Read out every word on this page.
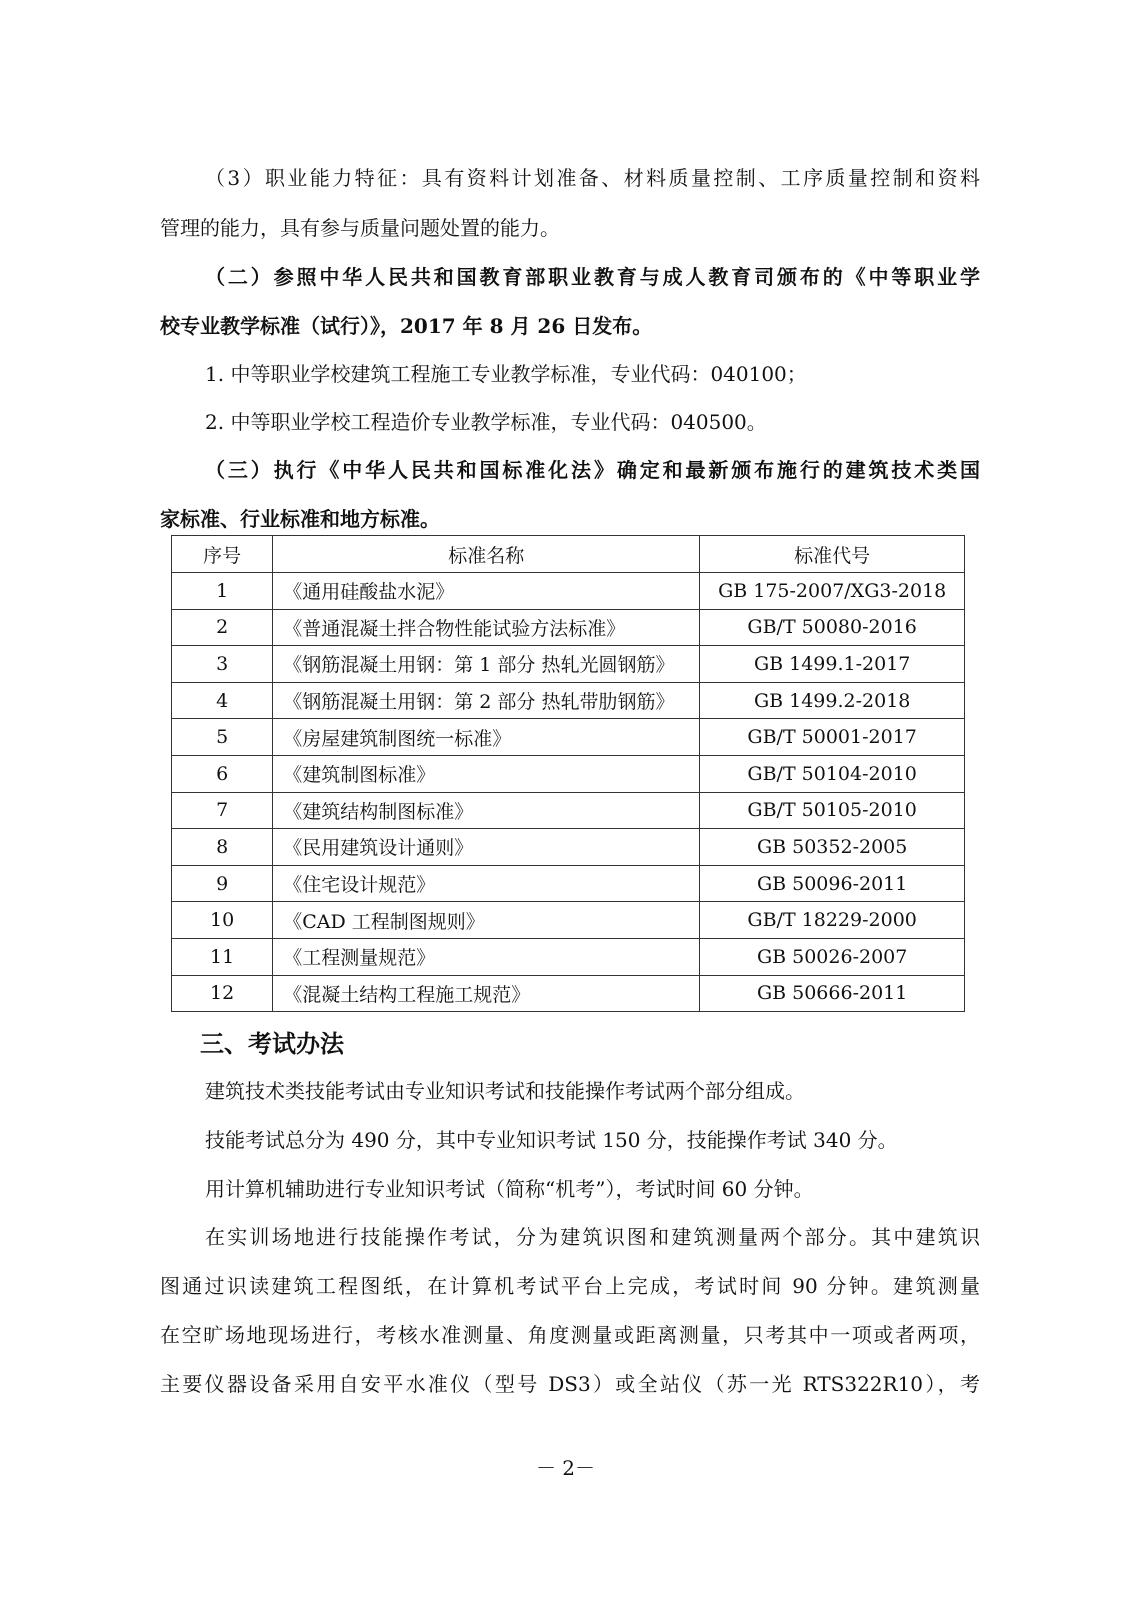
（3）职业能力特征：具有资料计划准备、材料质量控制、工序质量控制和资料
管理的能力，具有参与质量问题处置的能力。
（二）参照中华人民共和国教育部职业教育与成人教育司颁布的《中等职业学
校专业教学标准（试行）》，2017 年 8 月 26 日发布。
1. 中等职业学校建筑工程施工专业教学标准，专业代码：040100；
2. 中等职业学校工程造价专业教学标准，专业代码：040500。
（三）执行《中华人民共和国标准化法》确定和最新颁布施行的建筑技术类国
家标准、行业标准和地方标准。
序号	标准名称	标准代号
1	《通用硅酸盐水泥》	GB 175-2007/XG3-2018
2	《普通混凝土拌合物性能试验方法标准》	GB/T 50080-2016
3	《钢筋混凝土用钢：第 1 部分 热轧光圆钢筋》	GB 1499.1-2017
4	《钢筋混凝土用钢：第 2 部分 热轧带肋钢筋》	GB 1499.2-2018
5	《房屋建筑制图统一标准》	GB/T 50001-2017
6	《建筑制图标准》	GB/T 50104-2010
7	《建筑结构制图标准》	GB/T 50105-2010
8	《民用建筑设计通则》	GB 50352-2005
9	《住宅设计规范》	GB 50096-2011
10	《CAD 工程制图规则》	GB/T 18229-2000
11	《工程测量规范》	GB 50026-2007
12	《混凝土结构工程施工规范》	GB 50666-2011
三、考试办法
建筑技术类技能考试由专业知识考试和技能操作考试两个部分组成。
技能考试总分为 490 分，其中专业知识考试 150 分，技能操作考试 340 分。
用计算机辅助进行专业知识考试（简称“机考”），考试时间 60 分钟。
在实训场地进行技能操作考试，分为建筑识图和建筑测量两个部分。其中建筑识
图通过识读建筑工程图纸，在计算机考试平台上完成，考试时间 90 分钟。建筑测量
在空旷场地现场进行，考核水准测量、角度测量或距离测量，只考其中一项或者两项，
主要仪器设备采用自安平水准仪（型号 DS3）或全站仪（苏一光 RTS322R10），考
－ 2－
